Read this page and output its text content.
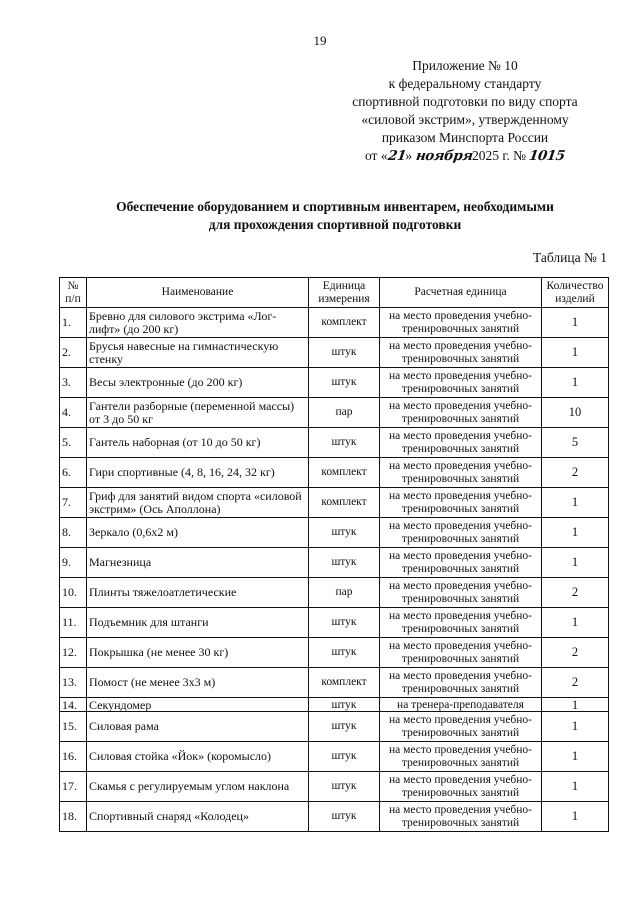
19
Приложение № 10
к федеральному стандарту
спортивной подготовки по виду спорта
«силовой экстрим», утвержденному
приказом Минспорта России
от «21» ноября2025 г. № 1015
Обеспечение оборудованием и спортивным инвентарем, необходимыми
для прохождения спортивной подготовки
Таблица № 1
№ п/п	Наименование	Единица измерения	Расчетная единица	Количество изделий
1.	Бревно для силового экстрима «Лог-лифт» (до 200 кг)	комплект	на место проведения учебно-тренировочных занятий	1
2.	Брусья навесные на гимнастическую стенку	штук	на место проведения учебно-тренировочных занятий	1
3.	Весы электронные (до 200 кг)	штук	на место проведения учебно-тренировочных занятий	1
4.	Гантели разборные (переменной массы) от 3 до 50 кг	пар	на место проведения учебно-тренировочных занятий	10
5.	Гантель наборная (от 10 до 50 кг)	штук	на место проведения учебно-тренировочных занятий	5
6.	Гири спортивные (4, 8, 16, 24, 32 кг)	комплект	на место проведения учебно-тренировочных занятий	2
7.	Гриф для занятий видом спорта «силовой экстрим» (Ось Аполлона)	комплект	на место проведения учебно-тренировочных занятий	1
8.	Зеркало (0,6х2 м)	штук	на место проведения учебно-тренировочных занятий	1
9.	Магнезница	штук	на место проведения учебно-тренировочных занятий	1
10.	Плинты тяжелоатлетические	пар	на место проведения учебно-тренировочных занятий	2
11.	Подъемник для штанги	штук	на место проведения учебно-тренировочных занятий	1
12.	Покрышка (не менее 30 кг)	штук	на место проведения учебно-тренировочных занятий	2
13.	Помост (не менее 3х3 м)	комплект	на место проведения учебно-тренировочных занятий	2
14.	Секундомер	штук	на тренера-преподавателя	1
15.	Силовая рама	штук	на место проведения учебно-тренировочных занятий	1
16.	Силовая стойка «Йок» (коромысло)	штук	на место проведения учебно-тренировочных занятий	1
17.	Скамья с регулируемым углом наклона	штук	на место проведения учебно-тренировочных занятий	1
18.	Спортивный снаряд «Колодец»	штук	на место проведения учебно-тренировочных занятий	1
